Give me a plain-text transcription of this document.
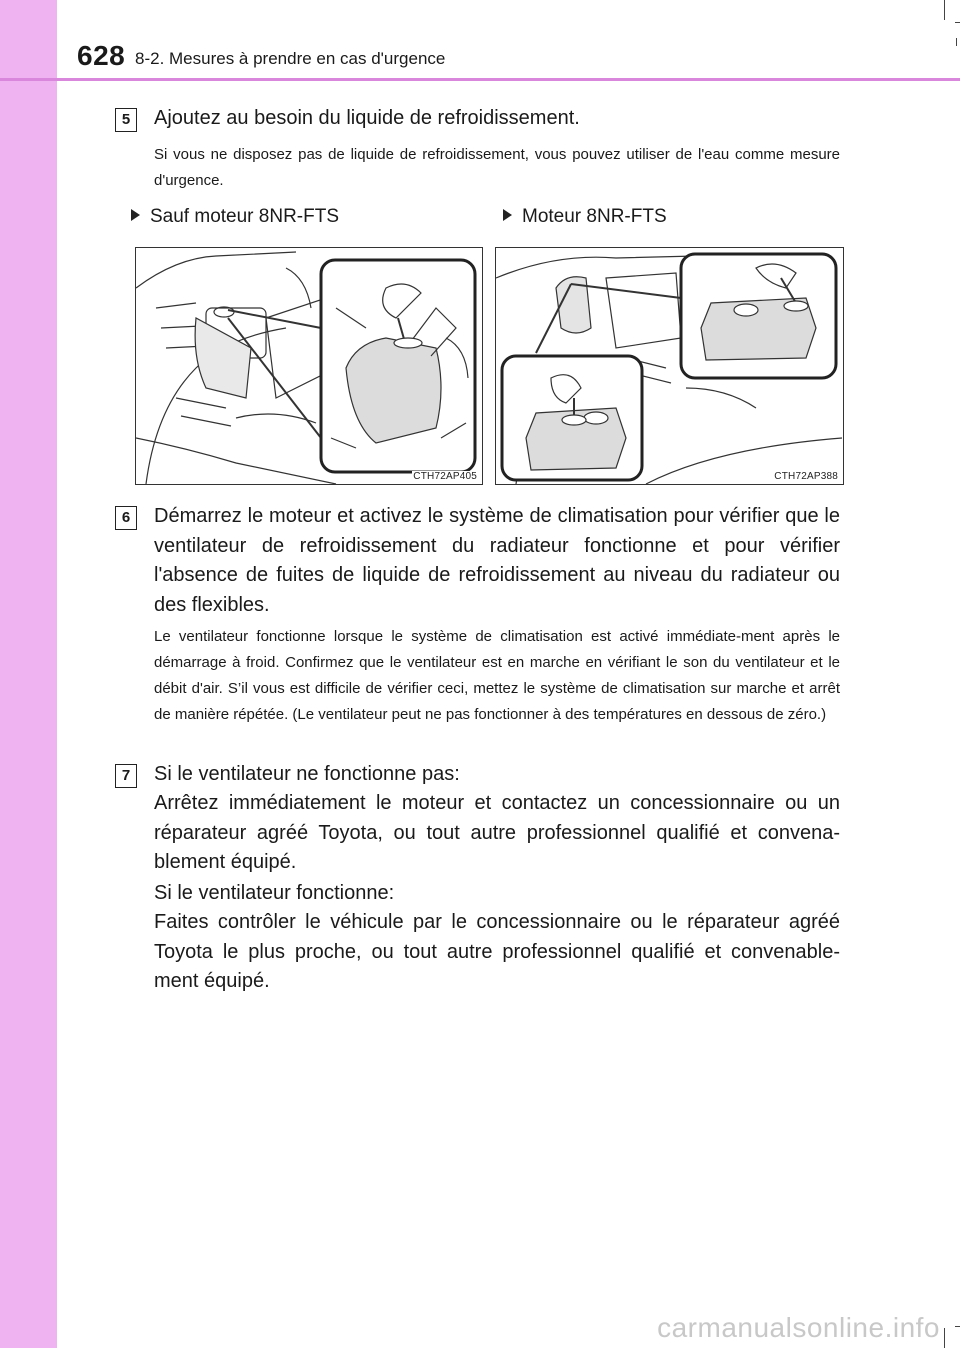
628 8-2. Mesures à prendre en cas d'urgence
5	Ajoutez au besoin du liquide de refroidissement.

Si vous ne disposez pas de liquide de refroidissement, vous pouvez utiliser de l'eau comme mesure d'urgence.

Sauf moteur 8NR-FTS	Moteur 8NR-FTS
CTH72AP405	CTH72AP388
6	Démarrez le moteur et activez le système de climatisation pour vérifier que le ventilateur de refroidissement du radiateur fonctionne et pour vérifier l'absence de fuites de liquide de refroidissement au niveau du radiateur ou des flexibles.

Le ventilateur fonctionne lorsque le système de climatisation est activé immédiate-ment après le démarrage à froid. Confirmez que le ventilateur est en marche en vérifiant le son du ventilateur et le débit d'air. S’il vous est difficile de vérifier ceci, mettez le système de climatisation sur marche et arrêt de manière répétée. (Le ventilateur peut ne pas fonctionner à des températures en dessous de zéro.)

7	Si le ventilateur ne fonctionne pas:

Arrêtez immédiatement le moteur et contactez un concessionnaire ou un réparateur agréé Toyota, ou tout autre professionnel qualifié et convena-blement équipé.

Si le ventilateur fonctionne:

Faites contrôler le véhicule par le concessionnaire ou le réparateur agréé Toyota le plus proche, ou tout autre professionnel qualifié et convenable-ment équipé.

carmanualsonline.info
